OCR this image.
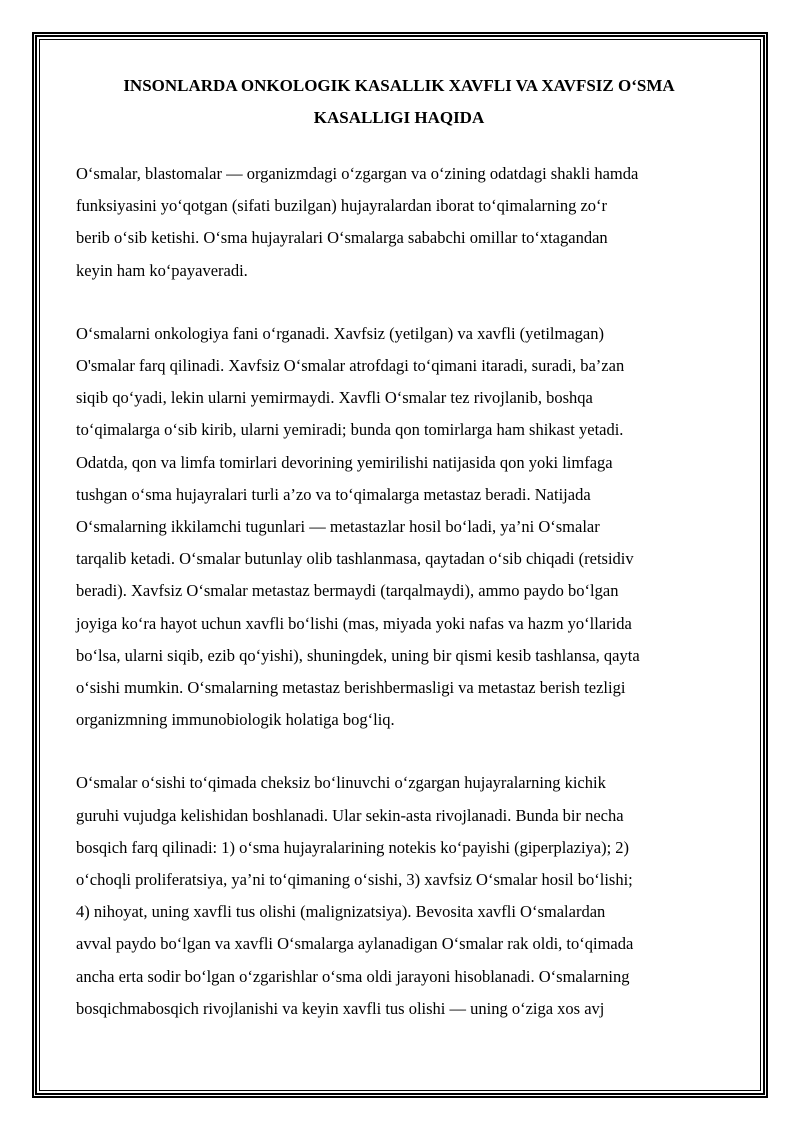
INSONLARDA ONKOLOGIK KASALLIK XAVFLI VA XAVFSIZ O‘SMA
KASALLIGI HAQIDA
O‘smalar, blastomalar — organizmdagi o‘zgargan va o‘zining odatdagi shakli hamda
funksiyasini yo‘qotgan (sifati buzilgan) hujayralardan iborat to‘qimalarning zo‘r
berib o‘sib ketishi. O‘sma hujayralari O‘smalarga sababchi omillar to‘xtagandan
keyin ham ko‘payaveradi.
O‘smalarni onkologiya fani o‘rganadi. Xavfsiz (yetilgan) va xavfli (yetilmagan)
O'smalar farq qilinadi. Xavfsiz O‘smalar atrofdagi to‘qimani itaradi, suradi, ba’zan
siqib qo‘yadi, lekin ularni yemirmaydi. Xavfli O‘smalar tez rivojlanib, boshqa
to‘qimalarga o‘sib kirib, ularni yemiradi; bunda qon tomirlarga ham shikast yetadi.
Odatda, qon va limfa tomirlari devorining yemirilishi natijasida qon yoki limfaga
tushgan o‘sma hujayralari turli a’zo va to‘qimalarga metastaz beradi. Natijada
O‘smalarning ikkilamchi tugunlari — metastazlar hosil bo‘ladi, ya’ni O‘smalar
tarqalib ketadi. O‘smalar butunlay olib tashlanmasa, qaytadan o‘sib chiqadi (retsidiv
beradi). Xavfsiz O‘smalar metastaz bermaydi (tarqalmaydi), ammo paydo bo‘lgan
joyiga ko‘ra hayot uchun xavfli bo‘lishi (mas, miyada yoki nafas va hazm yo‘llarida
bo‘lsa, ularni siqib, ezib qo‘yishi), shuningdek, uning bir qismi kesib tashlansa, qayta
o‘sishi mumkin. O‘smalarning metastaz berishbermasligi va metastaz berish tezligi
organizmning immunobiologik holatiga bog‘liq.
O‘smalar o‘sishi to‘qimada cheksiz bo‘linuvchi o‘zgargan hujayralarning kichik
guruhi vujudga kelishidan boshlanadi. Ular sekin-asta rivojlanadi. Bunda bir necha
bosqich farq qilinadi: 1) o‘sma hujayralarining notekis ko‘payishi (giperplaziya); 2)
o‘choqli proliferatsiya, ya’ni to‘qimaning o‘sishi, 3) xavfsiz O‘smalar hosil bo‘lishi;
4) nihoyat, uning xavfli tus olishi (malignizatsiya). Bevosita xavfli O‘smalardan
avval paydo bo‘lgan va xavfli O‘smalarga aylanadigan O‘smalar rak oldi, to‘qimada
ancha erta sodir bo‘lgan o‘zgarishlar o‘sma oldi jarayoni hisoblanadi. O‘smalarning
bosqichmabosqich rivojlanishi va keyin xavfli tus olishi — uning o‘ziga xos avj
